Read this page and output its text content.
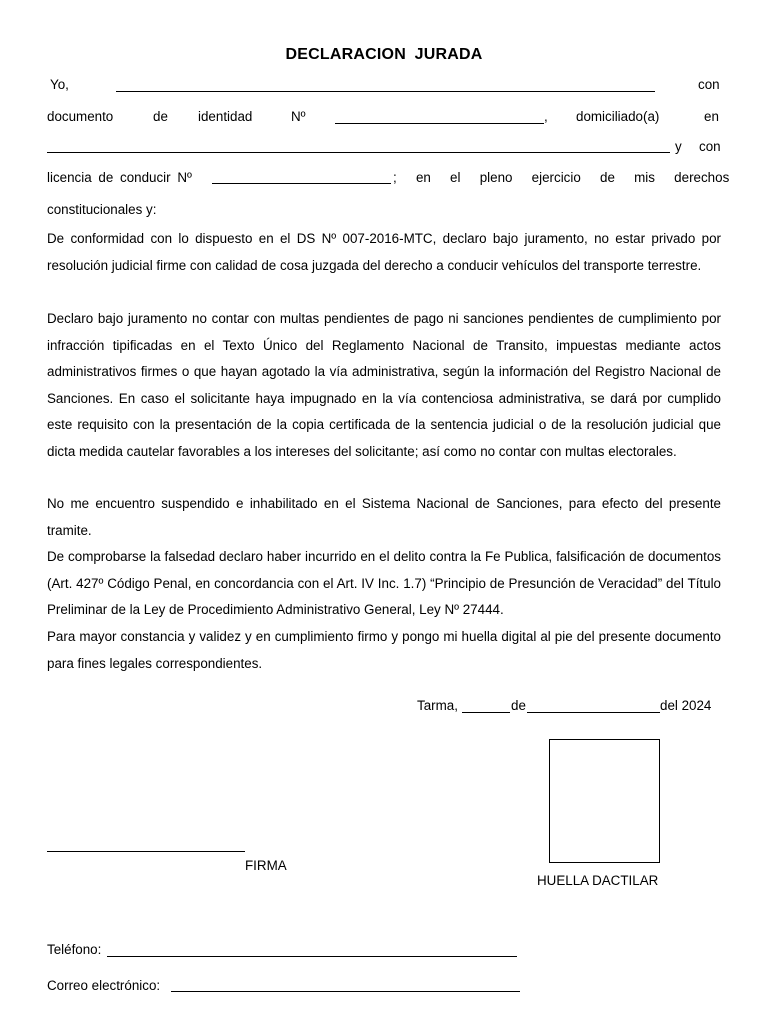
DECLARACION JURADA
Yo,	con
documento	de identidad	Nº	, domiciliado(a)	en
y con
licencia de conducir Nº	; en el pleno ejercicio de mis derechos
constitucionales y:

De conformidad con lo dispuesto en el DS Nº 007-2016-MTC, declaro bajo juramento, no estar privado por resolución judicial firme con calidad de cosa juzgada del derecho a conducir vehículos del transporte terrestre.

Declaro bajo juramento no contar con multas pendientes de pago ni sanciones pendientes de cumplimiento por infracción tipificadas en el Texto Único del Reglamento Nacional de Transito, impuestas mediante actos administrativos firmes o que hayan agotado la vía administrativa, según la información del Registro Nacional de Sanciones. En caso el solicitante haya impugnado en la vía contenciosa administrativa, se dará por cumplido este requisito con la presentación de la copia certificada de la sentencia judicial o de la resolución judicial que dicta medida cautelar favorables a los intereses del solicitante; así como no contar con multas electorales.

No me encuentro suspendido e inhabilitado en el Sistema Nacional de Sanciones, para efecto del presente tramite.

De comprobarse la falsedad declaro haber incurrido en el delito contra la Fe Publica, falsificación de documentos (Art. 427º Código Penal, en concordancia con el Art. IV Inc. 1.7) “Principio de Presunción de Veracidad” del Título Preliminar de la Ley de Procedimiento Administrativo General, Ley Nº 27444.

Para mayor constancia y validez y en cumplimiento firmo y pongo mi huella digital al pie del presente documento para fines legales correspondientes.

Tarma,	de	del 2024
HUELLA DACTILAR
FIRMA
Teléfono:
Correo electrónico:
